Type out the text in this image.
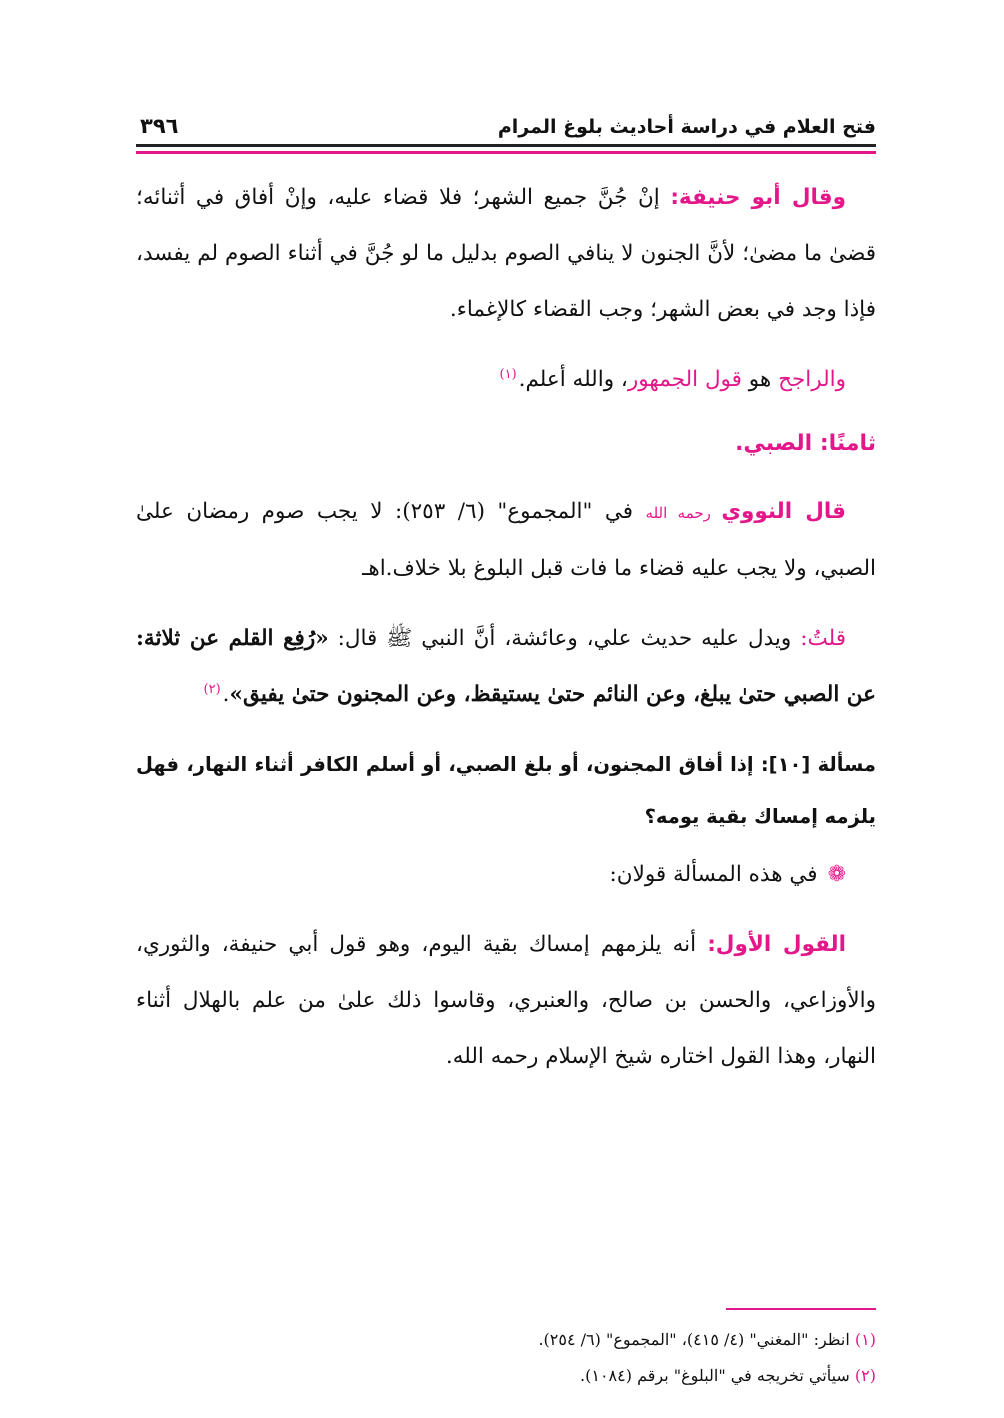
فتح العلام في دراسة أحاديث بلوغ المرام
٣٩٦

وقال أبو حنيفة: إنْ جُنَّ جميع الشهر؛ فلا قضاء عليه، وإنْ أفاق في أثنائه؛ قضىٰ ما مضىٰ؛ لأنَّ الجنون لا ينافي الصوم بدليل ما لو جُنَّ في أثناء الصوم لم يفسد، فإذا وجد في بعض الشهر؛ وجب القضاء كالإغماء.

والراجح هو قول الجمهور، والله أعلم.$^{(١)}$

ثامنًا: الصبي.

قال النووي رحمه الله في "المجموع" (٦/ ٢٥٣): لا يجب صوم رمضان علىٰ الصبي، ولا يجب عليه قضاء ما فات قبل البلوغ بلا خلاف.اهـ

قلتُ: ويدل عليه حديث علي، وعائشة، أنَّ النبي ﷺ قال: «رُفِع القلم عن ثلاثة: عن الصبي حتىٰ يبلغ، وعن النائم حتىٰ يستيقظ، وعن المجنون حتىٰ يفيق».$^{(٢)}$

مسألة [١٠]: إذا أفاق المجنون، أو بلغ الصبي، أو أسلم الكافر أثناء النهار، فهل يلزمه إمساك بقية يومه؟

❁في هذه المسألة قولان:

القول الأول: أنه يلزمهم إمساك بقية اليوم، وهو قول أبي حنيفة، والثوري، والأوزاعي، والحسن بن صالح، والعنبري، وقاسوا ذلك علىٰ من علم بالهلال أثناء النهار، وهذا القول اختاره شيخ الإسلام رحمه الله.

(١) انظر: "المغني" (٤/ ٤١٥)، "المجموع" (٦/ ٢٥٤).

(٢) سيأتي تخريجه في "البلوغ" برقم (١٠٨٤).
